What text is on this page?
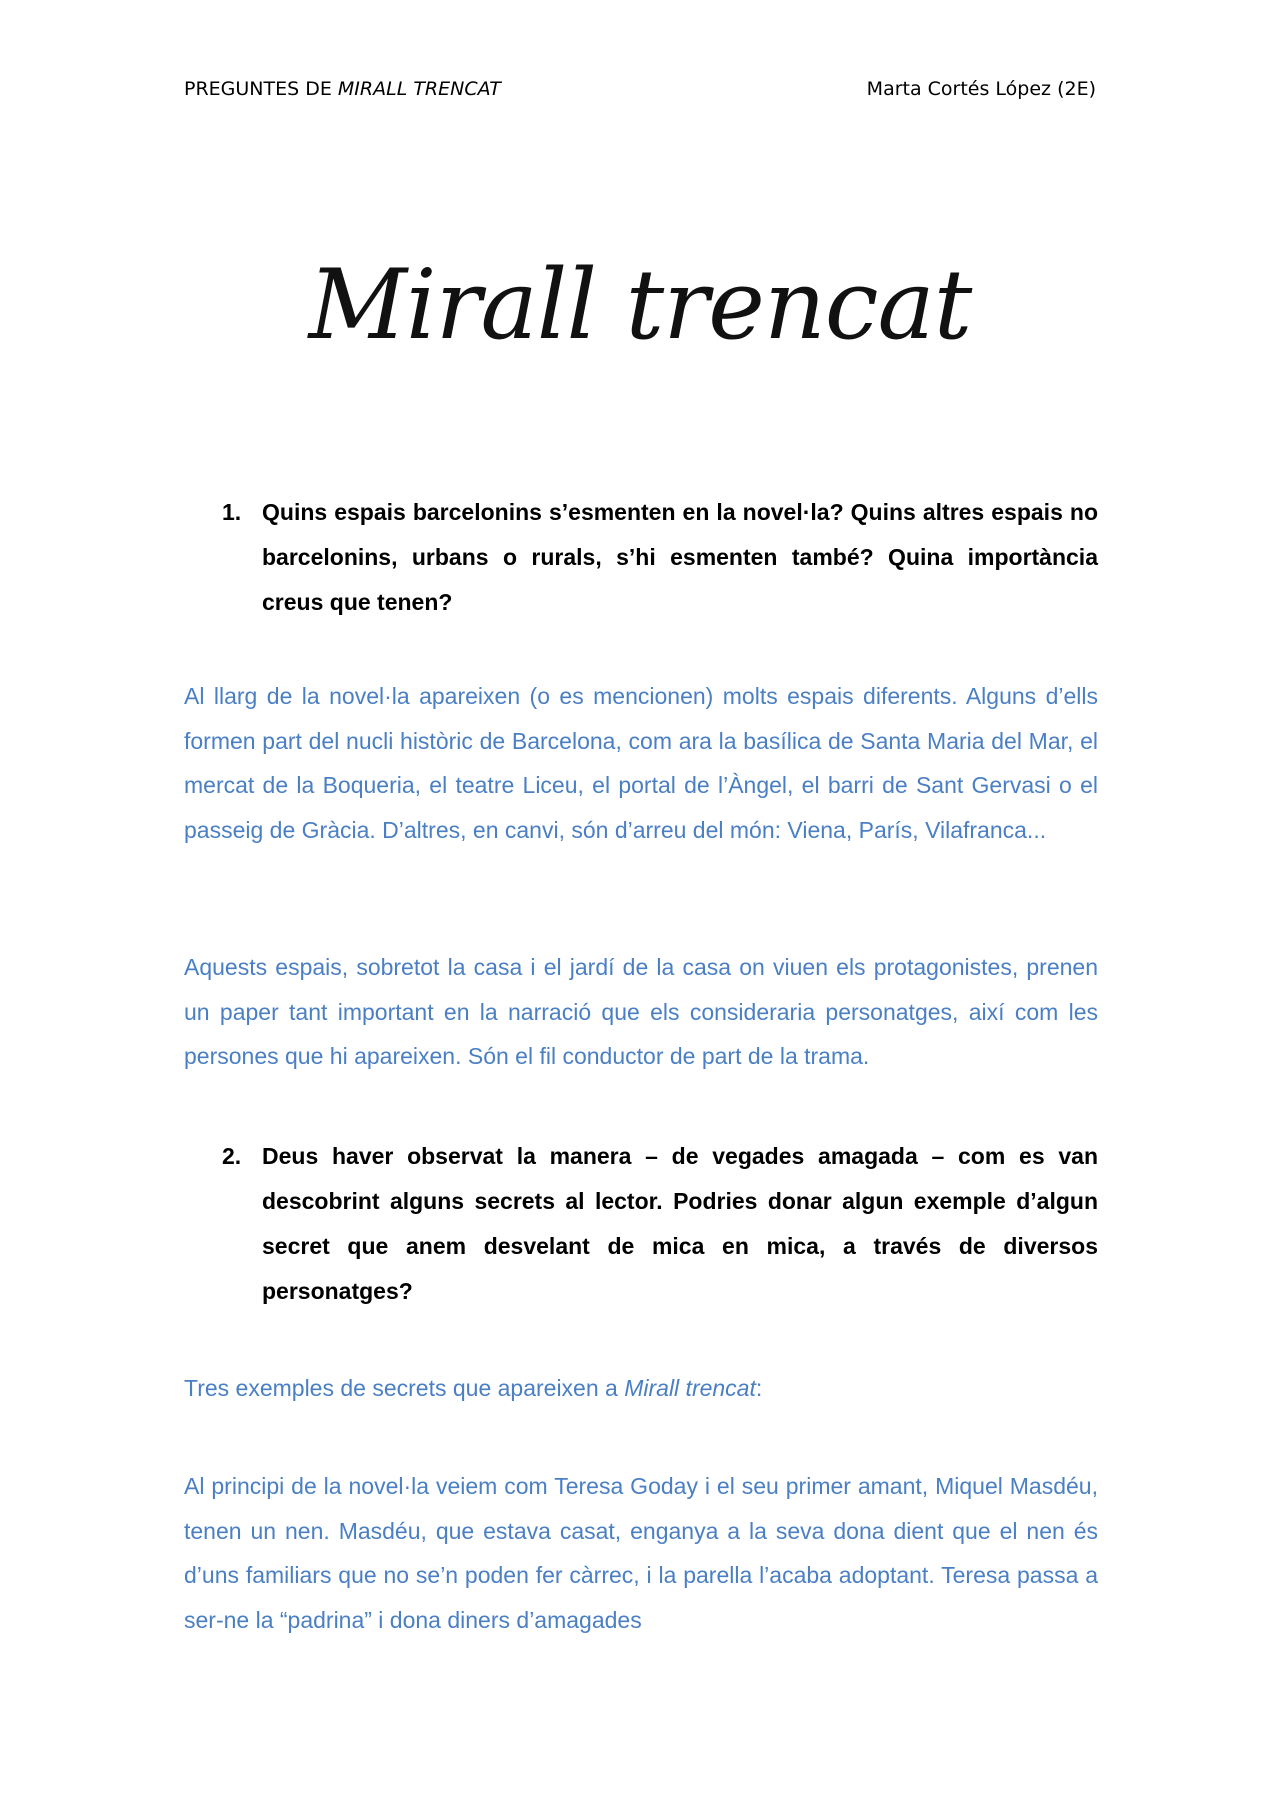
PREGUNTES DE MIRALL TRENCAT	Marta Cortés López (2E)
Mirall trencat
1. Quins espais barcelonins s’esmenten en la novel·la? Quins altres espais no barcelonins, urbans o rurals, s’hi esmenten també? Quina importància creus que tenen?
Al llarg de la novel·la apareixen (o es mencionen) molts espais diferents. Alguns d’ells formen part del nucli històric de Barcelona, com ara la basílica de Santa Maria del Mar, el mercat de la Boqueria, el teatre Liceu, el portal de l’Àngel, el barri de Sant Gervasi o el passeig de Gràcia. D’altres, en canvi, són d’arreu del món: Viena, París, Vilafranca...
Aquests espais, sobretot la casa i el jardí de la casa on viuen els protagonistes, prenen un paper tant important en la narració que els consideraria personatges, així com les persones que hi apareixen. Són el fil conductor de part de la trama.
2. Deus haver observat la manera – de vegades amagada – com es van descobrint alguns secrets al lector. Podries donar algun exemple d’algun secret que anem desvelant de mica en mica, a través de diversos personatges?
Tres exemples de secrets que apareixen a Mirall trencat:
Al principi de la novel·la veiem com Teresa Goday i el seu primer amant, Miquel Masdéu, tenen un nen. Masdéu, que estava casat, enganya a la seva dona dient que el nen és d’uns familiars que no se’n poden fer càrrec, i la parella l’acaba adoptant. Teresa passa a ser-ne la “padrina” i dona diners d’amagades
